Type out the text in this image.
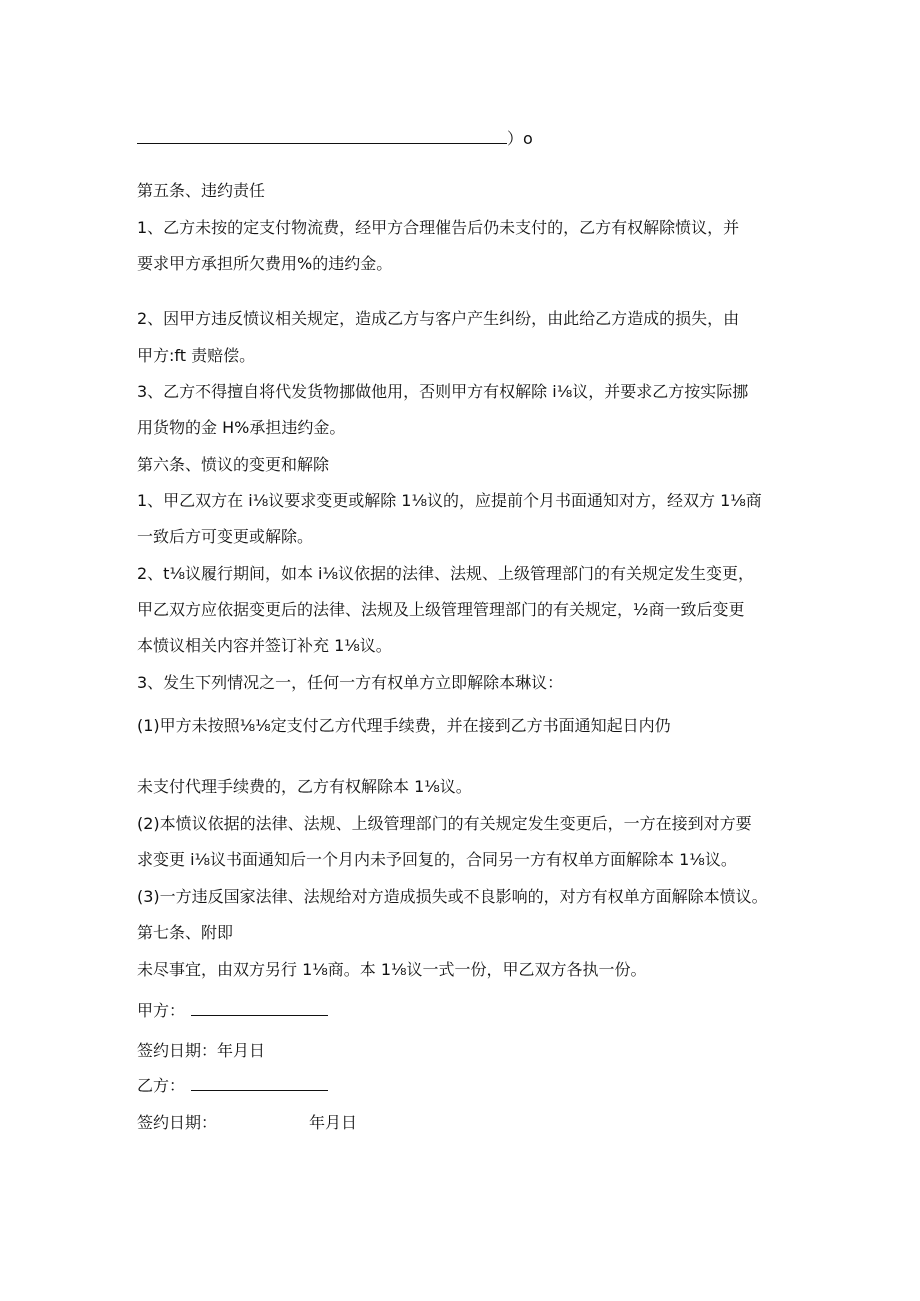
）o
第五条、违约责任
1、乙方未按的定支付物流费，经甲方合理催告后仍未支付的，乙方有权解除愤议，并
要求甲方承担所欠费用%的违约金。
2、因甲方违反愤议相关规定，造成乙方与客户产生纠纷，由此给乙方造成的损失，由
甲方:ft 责赔偿。
3、乙方不得擅自将代发货物挪做他用，否则甲方有权解除 i⅛议，并要求乙方按实际挪
用货物的金 H%承担违约金。
第六条、愤议的变更和解除
1、甲乙双方在 i⅛议要求变更或解除 1⅛议的，应提前个月书面通知对方，经双方 1⅛商
一致后方可变更或解除。
2、t⅛议履行期间，如本 i⅛议依据的法律、法规、上级管理部门的有关规定发生变更，
甲乙双方应依据变更后的法律、法规及上级管理管理部门的有关规定，½商一致后变更
本愤议相关内容并签订补充 1⅛议。
3、发生下列情况之一，任何一方有权单方立即解除本琳议：
(1)甲方未按照⅛⅛定支付乙方代理手续费，并在接到乙方书面通知起日内仍
未支付代理手续费的，乙方有权解除本 1⅛议。
(2)本愤议依据的法律、法规、上级管理部门的有关规定发生变更后，一方在接到对方要
求变更 i⅛议书面通知后一个月内未予回复的，合同另一方有权单方面解除本 1⅛议。
(3)一方违反国家法律、法规给对方造成损失或不良影响的，对方有权单方面解除本愤议。
第七条、附即
未尽事宜，由双方另行 1⅛商。本 1⅛议一式一份，甲乙双方各执一份。
甲方：
签约日期：年月日
乙方：
签约日期：	年月日
